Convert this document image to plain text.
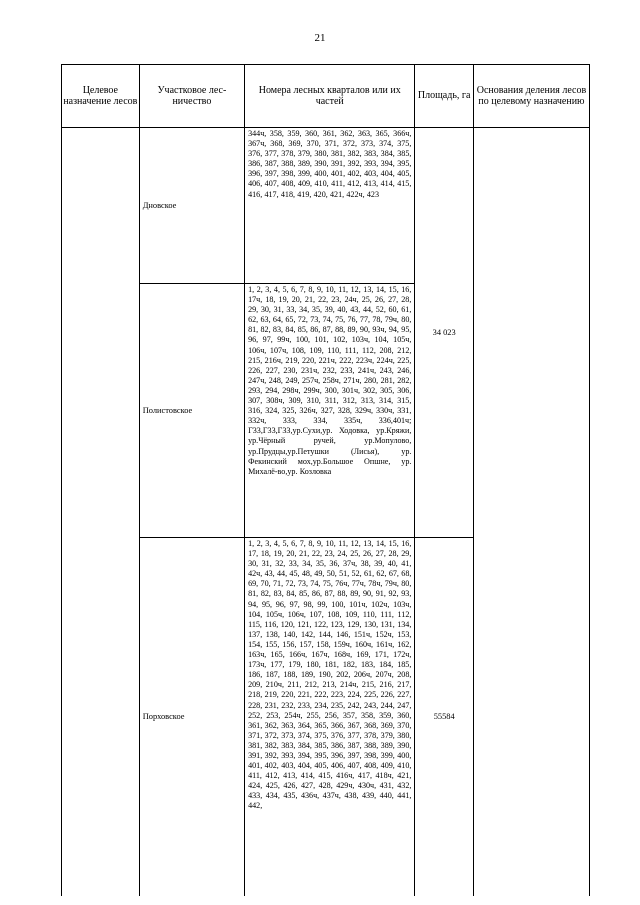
21
Целевое назначение лесов	Участковое лес- ничество	Номера лесных кварталов или их частей	Площадь, га	Основания деления лесов по целевому назначению
	Дновское	344ч, 358, 359, 360, 361, 362, 363, 365, 366ч, 367ч, 368, 369, 370, 371, 372, 373, 374, 375, 376, 377, 378, 379, 380, 381, 382, 383, 384, 385, 386, 387, 388, 389, 390, 391, 392, 393, 394, 395, 396, 397, 398, 399, 400, 401, 402, 403, 404, 405, 406, 407, 408, 409, 410, 411, 412, 413, 414, 415, 416, 417, 418, 419, 420, 421, 422ч, 423	34 023	
	Полистовское	1, 2, 3, 4, 5, 6, 7, 8, 9, 10, 11, 12, 13, 14, 15, 16, 17ч, 18, 19, 20, 21, 22, 23, 24ч, 25, 26, 27, 28, 29, 30, 31, 33, 34, 35, 39, 40, 43, 44, 52, 60, 61, 62, 63, 64, 65, 72, 73, 74, 75, 76, 77, 78, 79ч, 80, 81, 82, 83, 84, 85, 86, 87, 88, 89, 90, 93ч, 94, 95, 96, 97, 99ч, 100, 101, 102, 103ч, 104, 105ч, 106ч, 107ч, 108, 109, 110, 111, 112, 208, 212, 215, 216ч, 219, 220, 221ч, 222, 223ч, 224ч, 225, 226, 227, 230, 231ч, 232, 233, 241ч, 243, 246, 247ч, 248, 249, 257ч, 258ч, 271ч, 280, 281, 282, 293, 294, 298ч, 299ч, 300, 301ч, 302, 305, 306, 307, 308ч, 309, 310, 311, 312, 313, 314, 315, 316, 324, 325, 326ч, 327, 328, 329ч, 330ч, 331, 332ч, 333, 334, 335ч, 336,401ч; Г33,Г33,Г33,ур.Сухи,ур. Ходовка, ур.Кряжи, ур.Чёрный ручей, ур.Мопулово, ур.Прудцы,ур.Петушки (Лисья), ур. Фекинский мох,ур.Большое Опшне, ур. Михалё-во,ур. Козловка		
	Порховское	1, 2, 3, 4, 5, 6, 7, 8, 9, 10, 11, 12, 13, 14, 15, 16, 17, 18, 19, 20, 21, 22, 23, 24, 25, 26, 27, 28, 29, 30, 31, 32, 33, 34, 35, 36, 37ч, 38, 39, 40, 41, 42ч, 43, 44, 45, 48, 49, 50, 51, 52, 61, 62, 67, 68, 69, 70, 71, 72, 73, 74, 75, 76ч, 77ч, 78ч, 79ч, 80, 81, 82, 83, 84, 85, 86, 87, 88, 89, 90, 91, 92, 93, 94, 95, 96, 97, 98, 99, 100, 101ч, 102ч, 103ч, 104, 105ч, 106ч, 107, 108, 109, 110, 111, 112, 115, 116, 120, 121, 122, 123, 129, 130, 131, 134, 137, 138, 140, 142, 144, 146, 151ч, 152ч, 153, 154, 155, 156, 157, 158, 159ч, 160ч, 161ч, 162, 163ч, 165, 166ч, 167ч, 168ч, 169, 171, 172ч, 173ч, 177, 179, 180, 181, 182, 183, 184, 185, 186, 187, 188, 189, 190, 202, 206ч, 207ч, 208, 209, 210ч, 211, 212, 213, 214ч, 215, 216, 217, 218, 219, 220, 221, 222, 223, 224, 225, 226, 227, 228, 231, 232, 233, 234, 235, 242, 243, 244, 247, 252, 253, 254ч, 255, 256, 357, 358, 359, 360, 361, 362, 363, 364, 365, 366, 367, 368, 369, 370, 371, 372, 373, 374, 375, 376, 377, 378, 379, 380, 381, 382, 383, 384, 385, 386, 387, 388, 389, 390, 391, 392, 393, 394, 395, 396, 397, 398, 399, 400, 401, 402, 403, 404, 405, 406, 407, 408, 409, 410, 411, 412, 413, 414, 415, 416ч, 417, 418ч, 421, 424, 425, 426, 427, 428, 429ч, 430ч, 431, 432, 433, 434, 435, 436ч, 437ч, 438, 439, 440, 441, 442,	55584	
